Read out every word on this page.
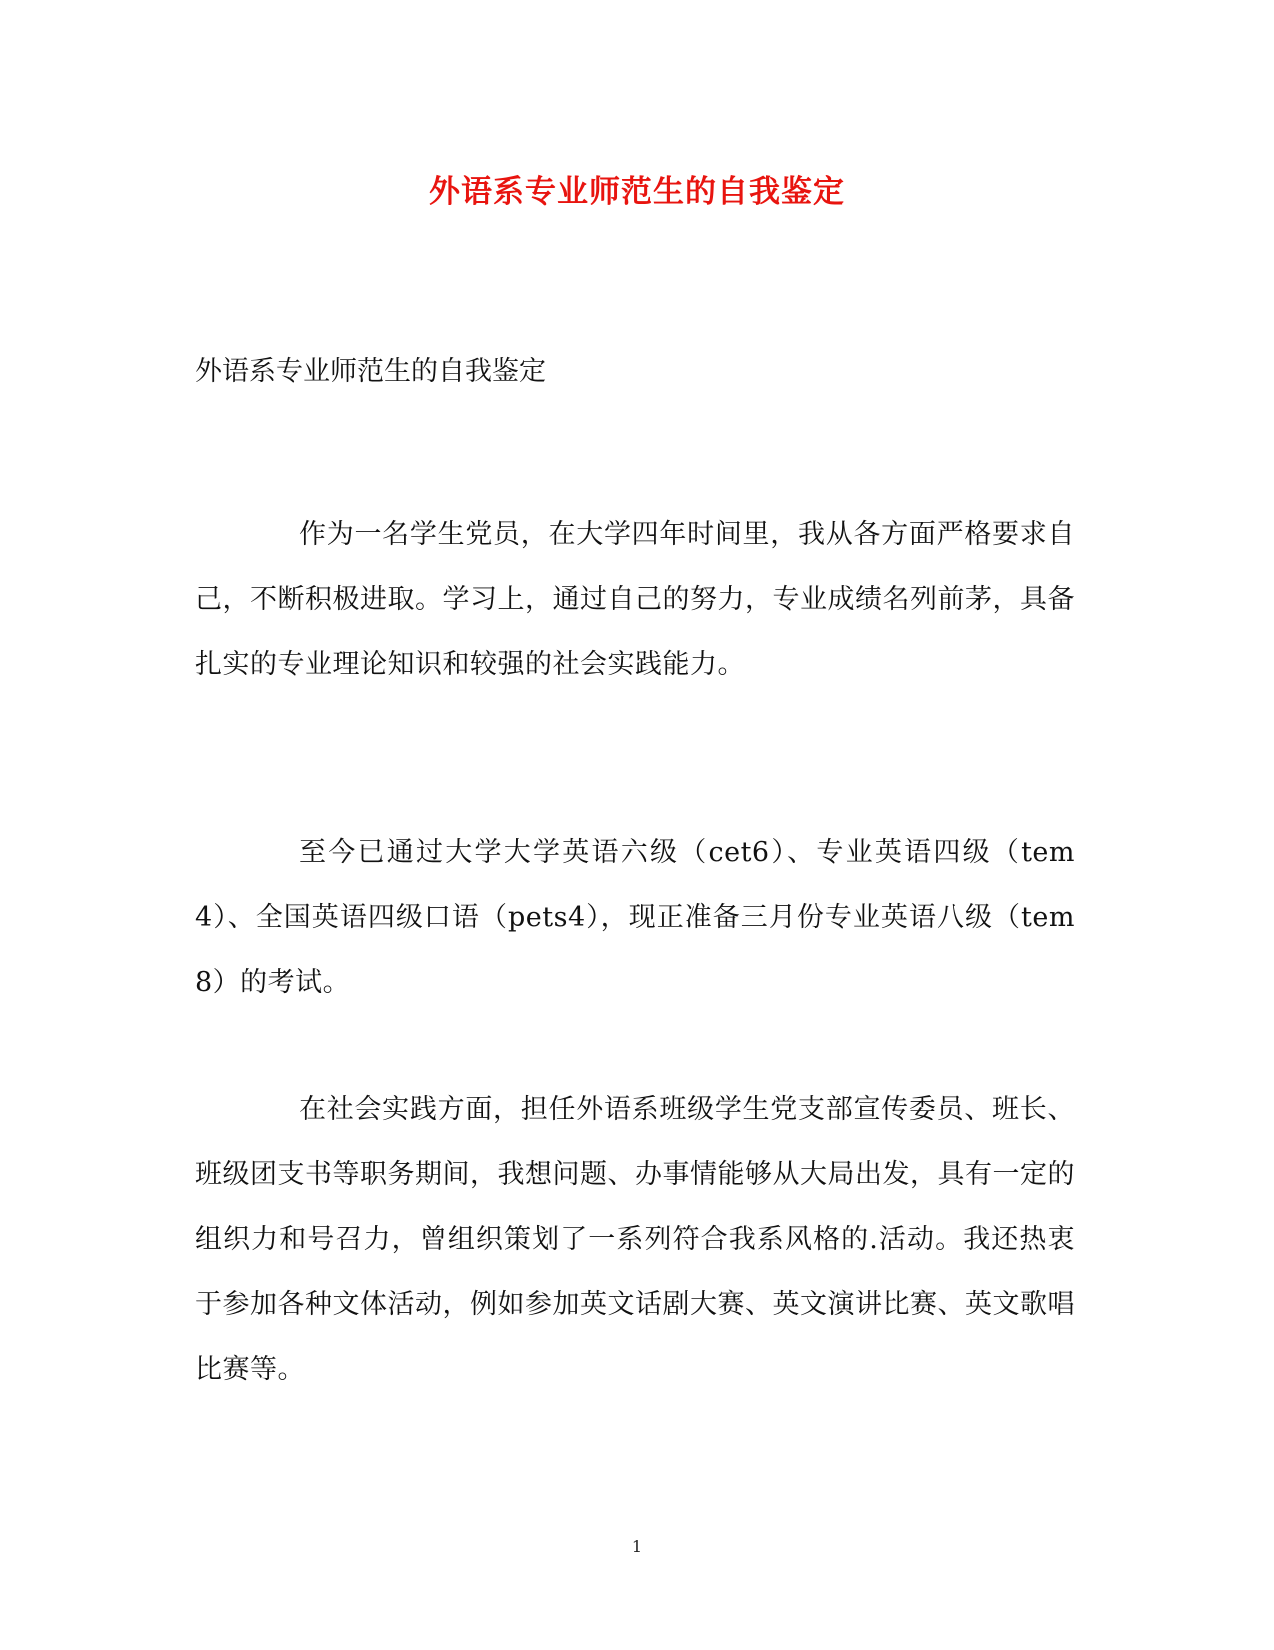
外语系专业师范生的自我鉴定
外语系专业师范生的自我鉴定

作为一名学生党员，在大学四年时间里，我从各方面严格要求自己，不断积极进取。学习上，通过自己的努力，专业成绩名列前茅，具备扎实的专业理论知识和较强的社会实践能力。

至今已通过大学大学英语六级（cet6）、专业英语四级（tem4）、全国英语四级口语（pets4），现正准备三月份专业英语八级（tem8）的考试。

在社会实践方面，担任外语系班级学生党支部宣传委员、班长、班级团支书等职务期间，我想问题、办事情能够从大局出发，具有一定的组织力和号召力，曾组织策划了一系列符合我系风格的.活动。我还热衷于参加各种文体活动，例如参加英文话剧大赛、英文演讲比赛、英文歌唱比赛等。

1
